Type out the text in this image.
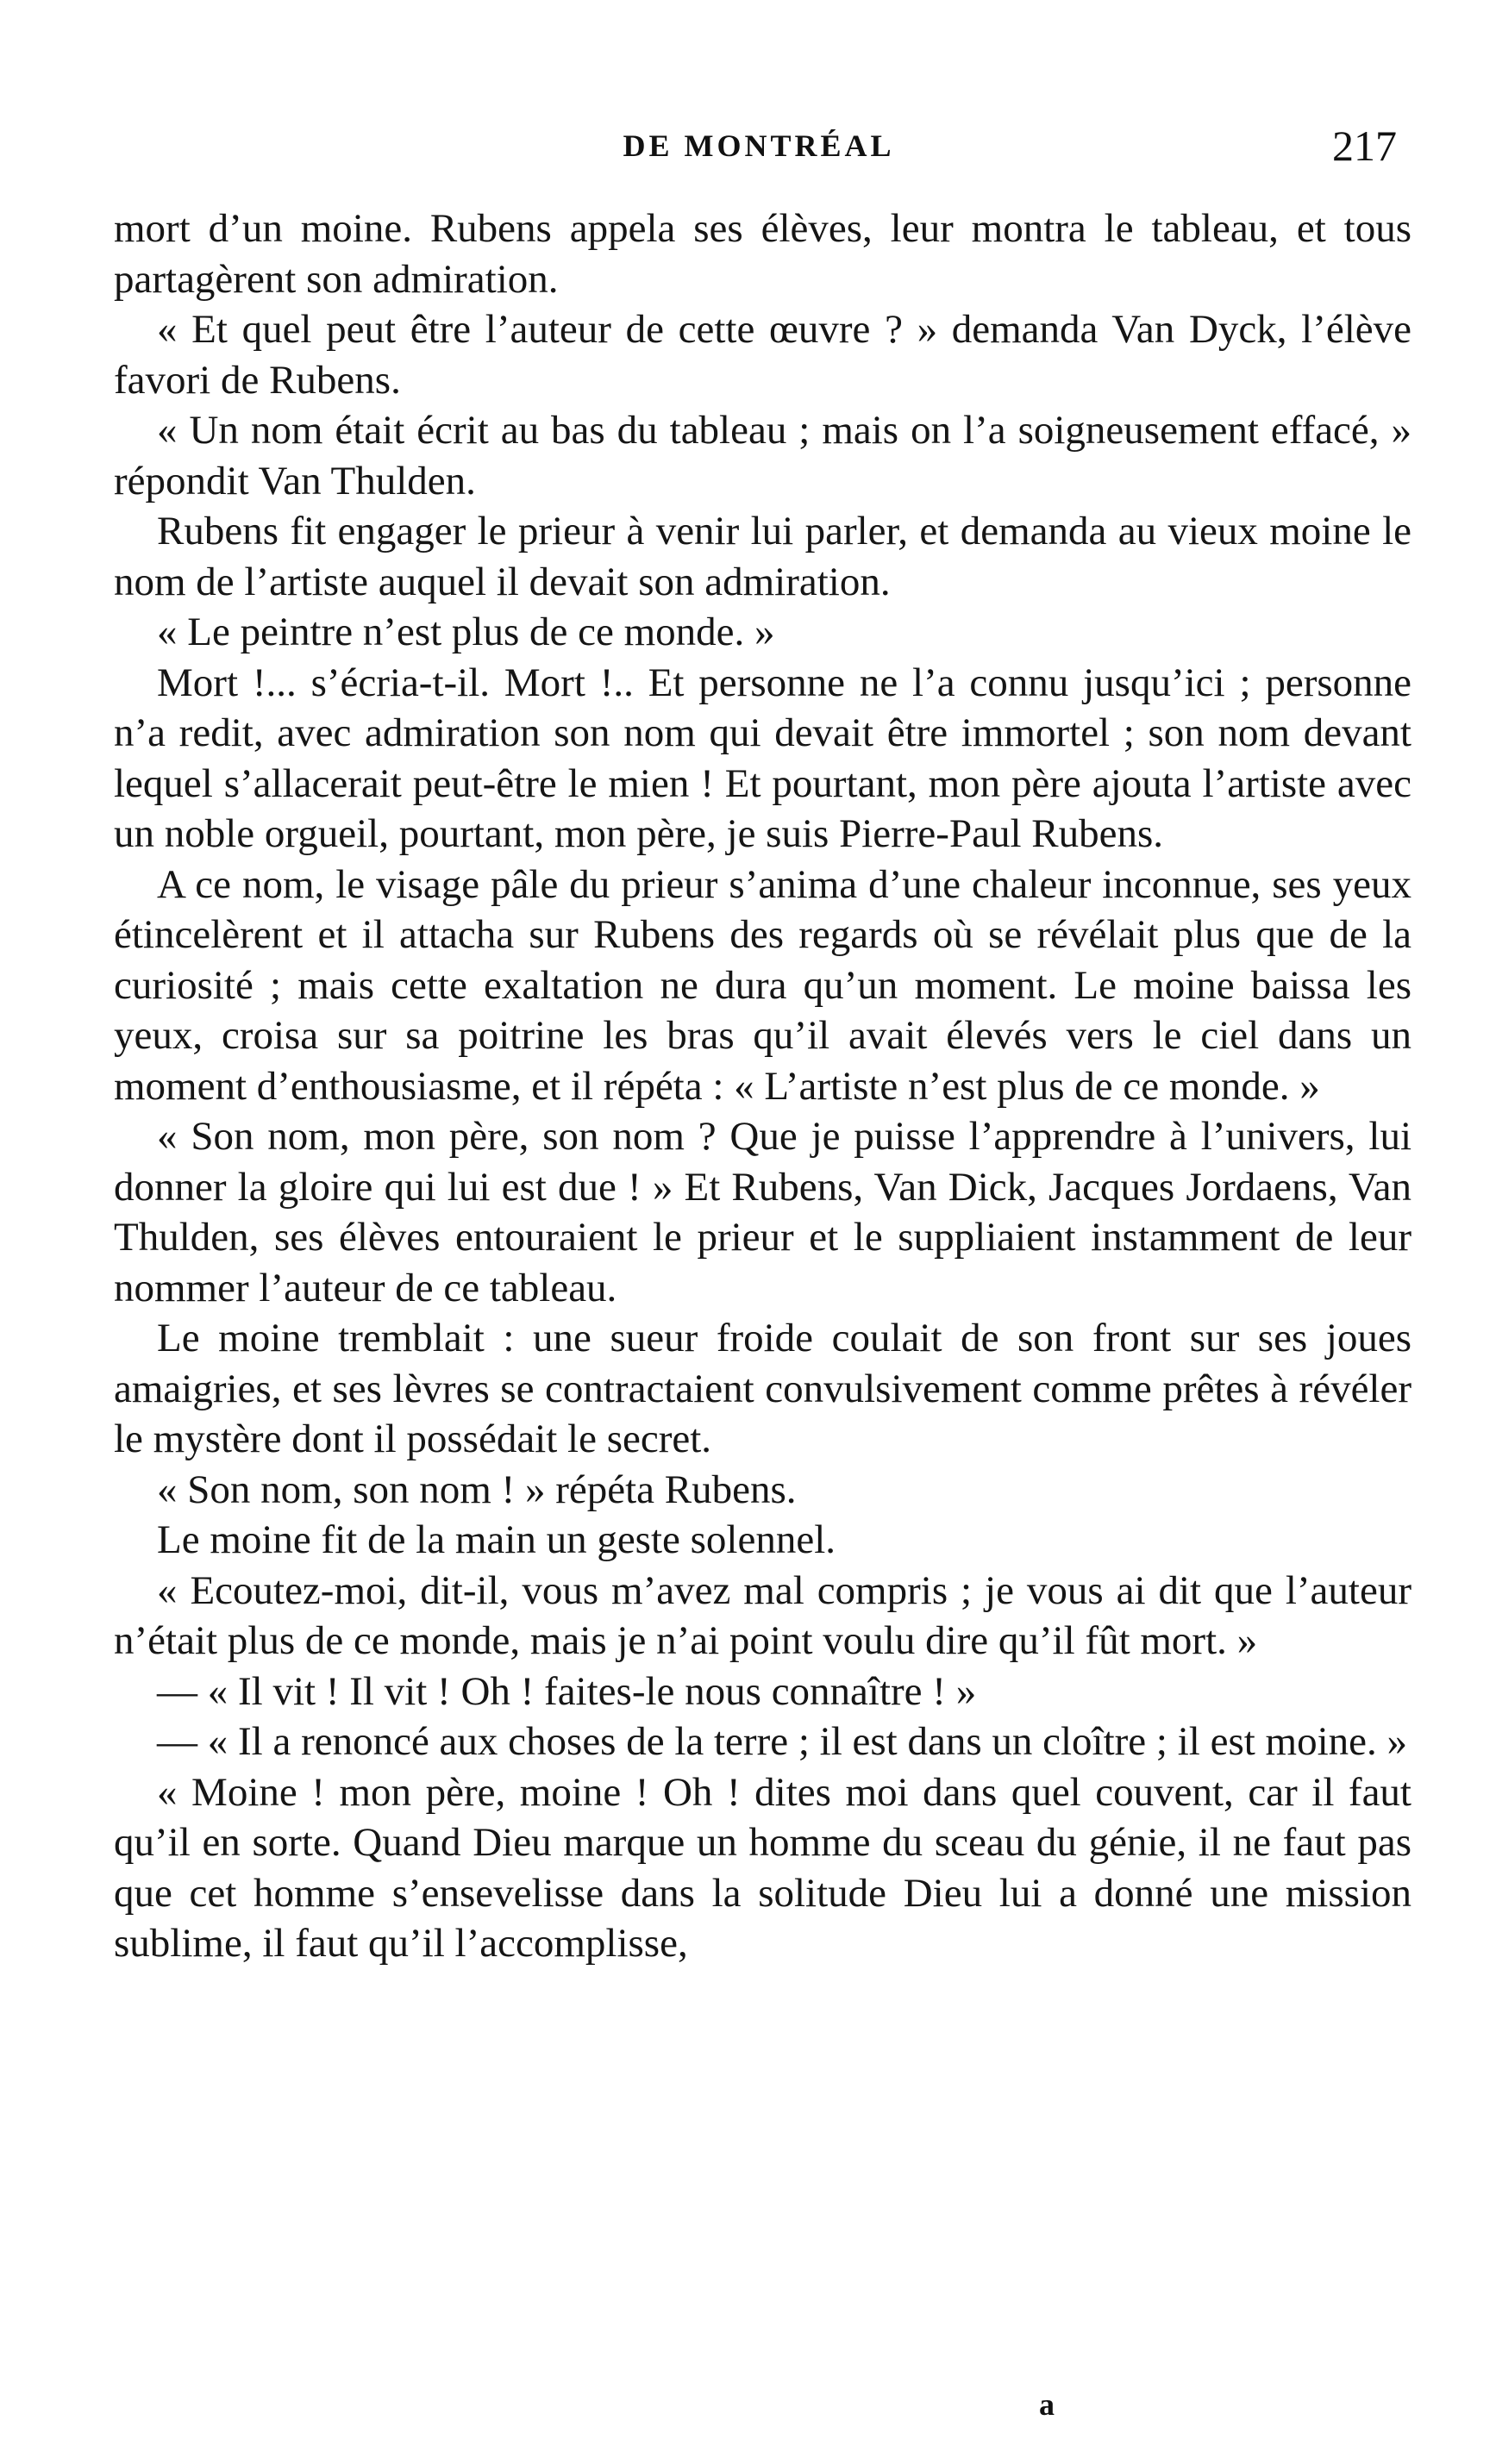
DE MONTRÉAL	217

mort d’un moine. Rubens appela ses élèves, leur montra le tableau, et tous partagèrent son admiration.

« Et quel peut être l’auteur de cette œuvre ? » demanda Van Dyck, l’élève favori de Rubens.

« Un nom était écrit au bas du tableau ; mais on l’a soigneusement effacé, » répondit Van Thulden.

Rubens fit engager le prieur à venir lui parler, et demanda au vieux moine le nom de l’artiste auquel il devait son admiration.

« Le peintre n’est plus de ce monde. »

Mort !... s’écria-t-il. Mort !.. Et personne ne l’a connu jusqu’ici ; personne n’a redit, avec admiration son nom qui devait être immortel ; son nom devant lequel s’allacerait peut-être le mien ! Et pourtant, mon père ajouta l’artiste avec un noble orgueil, pourtant, mon père, je suis Pierre-Paul Rubens.

A ce nom, le visage pâle du prieur s’anima d’une chaleur inconnue, ses yeux étincelèrent et il attacha sur Rubens des regards où se révélait plus que de la curiosité ; mais cette exaltation ne dura qu’un moment. Le moine baissa les yeux, croisa sur sa poitrine les bras qu’il avait élevés vers le ciel dans un moment d’enthousiasme, et il répéta : « L’artiste n’est plus de ce monde. »

« Son nom, mon père, son nom ? Que je puisse l’apprendre à l’univers, lui donner la gloire qui lui est due ! » Et Rubens, Van Dick, Jacques Jordaens, Van Thulden, ses élèves entouraient le prieur et le suppliaient instamment de leur nommer l’auteur de ce tableau.

Le moine tremblait : une sueur froide coulait de son front sur ses joues amaigries, et ses lèvres se contractaient convulsivement comme prêtes à révéler le mystère dont il possédait le secret.

« Son nom, son nom ! » répéta Rubens.

Le moine fit de la main un geste solennel.

« Ecoutez-moi, dit-il, vous m’avez mal compris ; je vous ai dit que l’auteur n’était plus de ce monde, mais je n’ai point voulu dire qu’il fût mort. »

— « Il vit ! Il vit ! Oh ! faites-le nous connaître ! »

— « Il a renoncé aux choses de la terre ; il est dans un cloître ; il est moine. »

« Moine ! mon père, moine ! Oh ! dites moi dans quel couvent, car il faut qu’il en sorte. Quand Dieu marque un homme du sceau du génie, il ne faut pas que cet homme s’ensevelisse dans la solitude Dieu lui a donné une mission sublime, il faut qu’il l’accomplisse,

a
